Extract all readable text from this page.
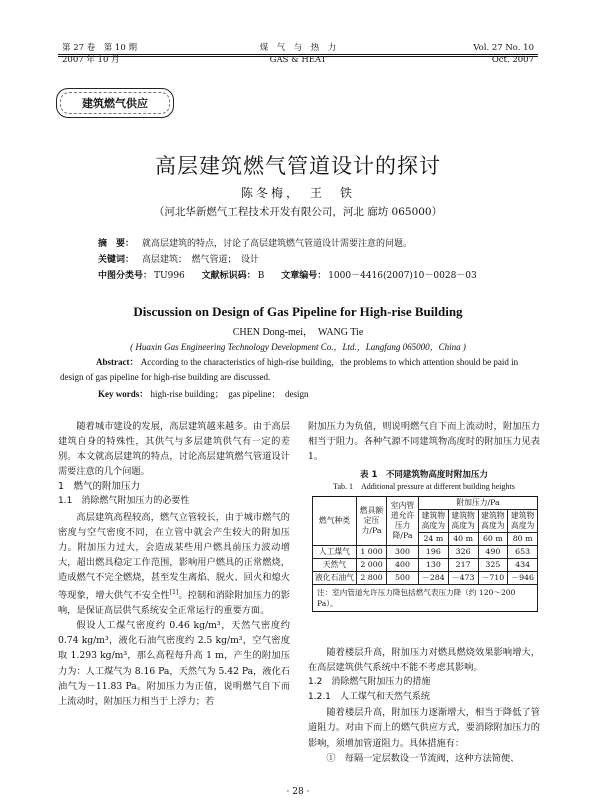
第 27 卷　第 10 期
2007 年 10 月
煤　气　与　热　力
GAS & HEAT
Vol. 27 No. 10
Oct. 2007
建筑燃气供应
高层建筑燃气管道设计的探讨
陈冬梅，　王　铁
（河北华新燃气工程技术开发有限公司，河北 廊坊 065000）
摘　要： 就高层建筑的特点，讨论了高层建筑燃气管道设计需要注意的问题。
关键词： 高层建筑；　燃气管道；　设计
中图分类号： TU996 文献标识码： B 文章编号： 1000－4416(2007)10－0028－03
Discussion on Design of Gas Pipeline for High-rise Building
CHEN Dong-mei，　WANG Tie
( Huaxin Gas Engineering Technology Development Co.，Ltd.，Langfang 065000，China )
Abstract： According to the characteristics of high-rise building，the problems to which attention should be paid in design of gas pipeline for high-rise building are discussed.
Key words： high-rise building；　gas pipeline；　design

随着城市建设的发展，高层建筑越来越多。由于高层建筑自身的特殊性，其供气与多层建筑供气有一定的差别。本文就高层建筑的特点，讨论高层建筑燃气管道设计需要注意的几个问题。

1　燃气的附加压力

1.1　消除燃气附加压力的必要性

高层建筑高程较高，燃气立管较长，由于城市燃气的密度与空气密度不同，在立管中就会产生较大的附加压力。附加压力过大，会造成某些用户燃具前压力波动增大，超出燃具稳定工作范围，影响用户燃具的正常燃烧，造成燃气不完全燃烧，甚至发生离焰、脱火、回火和熄火等现象，增大供气不安全性[1]。控制和消除附加压力的影响，是保证高层供气系统安全正常运行的重要方面。

假设人工煤气密度约 0.46 kg/m³，天然气密度约 0.74 kg/m³，液化石油气密度约 2.5 kg/m³，空气密度取 1.293 kg/m³，那么高程每升高 1 m，产生的附加压力为：人工煤气为 8.16 Pa，天然气为 5.42 Pa，液化石油气为－11.83 Pa。附加压力为正值，说明燃气自下而上流动时，附加压力相当于上浮力；若

附加压力为负值，则说明燃气自下而上流动时，附加压力相当于阻力。各种气源不同建筑物高度时的附加压力见表 1。

表 1　不同建筑物高度时附加压力
Tab. 1　Additional pressure at different building heights
燃气种类	燃具额定压力/Pa	室内管道允许压力降/Pa	附加压力/Pa			
			建筑物高度为	建筑物高度为	建筑物高度为	建筑物高度为
			24 m	40 m	60 m	80 m
人工煤气	1 000	300	196	326	490	653
天然气	2 000	400	130	217	325	434
液化石油气	2 800	500	－284	－473	－710	－946
注：室内管道允许压力降包括燃气表压力降（约 120～200 Pa）。						

随着楼层升高，附加压力对燃具燃烧效果影响增大，在高层建筑供气系统中不能不考虑其影响。

1.2　消除燃气附加压力的措施

1.2.1　人工煤气和天然气系统

随着楼层升高，附加压力逐渐增大，相当于降低了管道阻力。对由下而上的燃气供应方式，要消除附加压力的影响，须增加管道阻力。具体措施有：

①　每隔一定层数设一节流阀，这种方法简便、

· 28 ·
